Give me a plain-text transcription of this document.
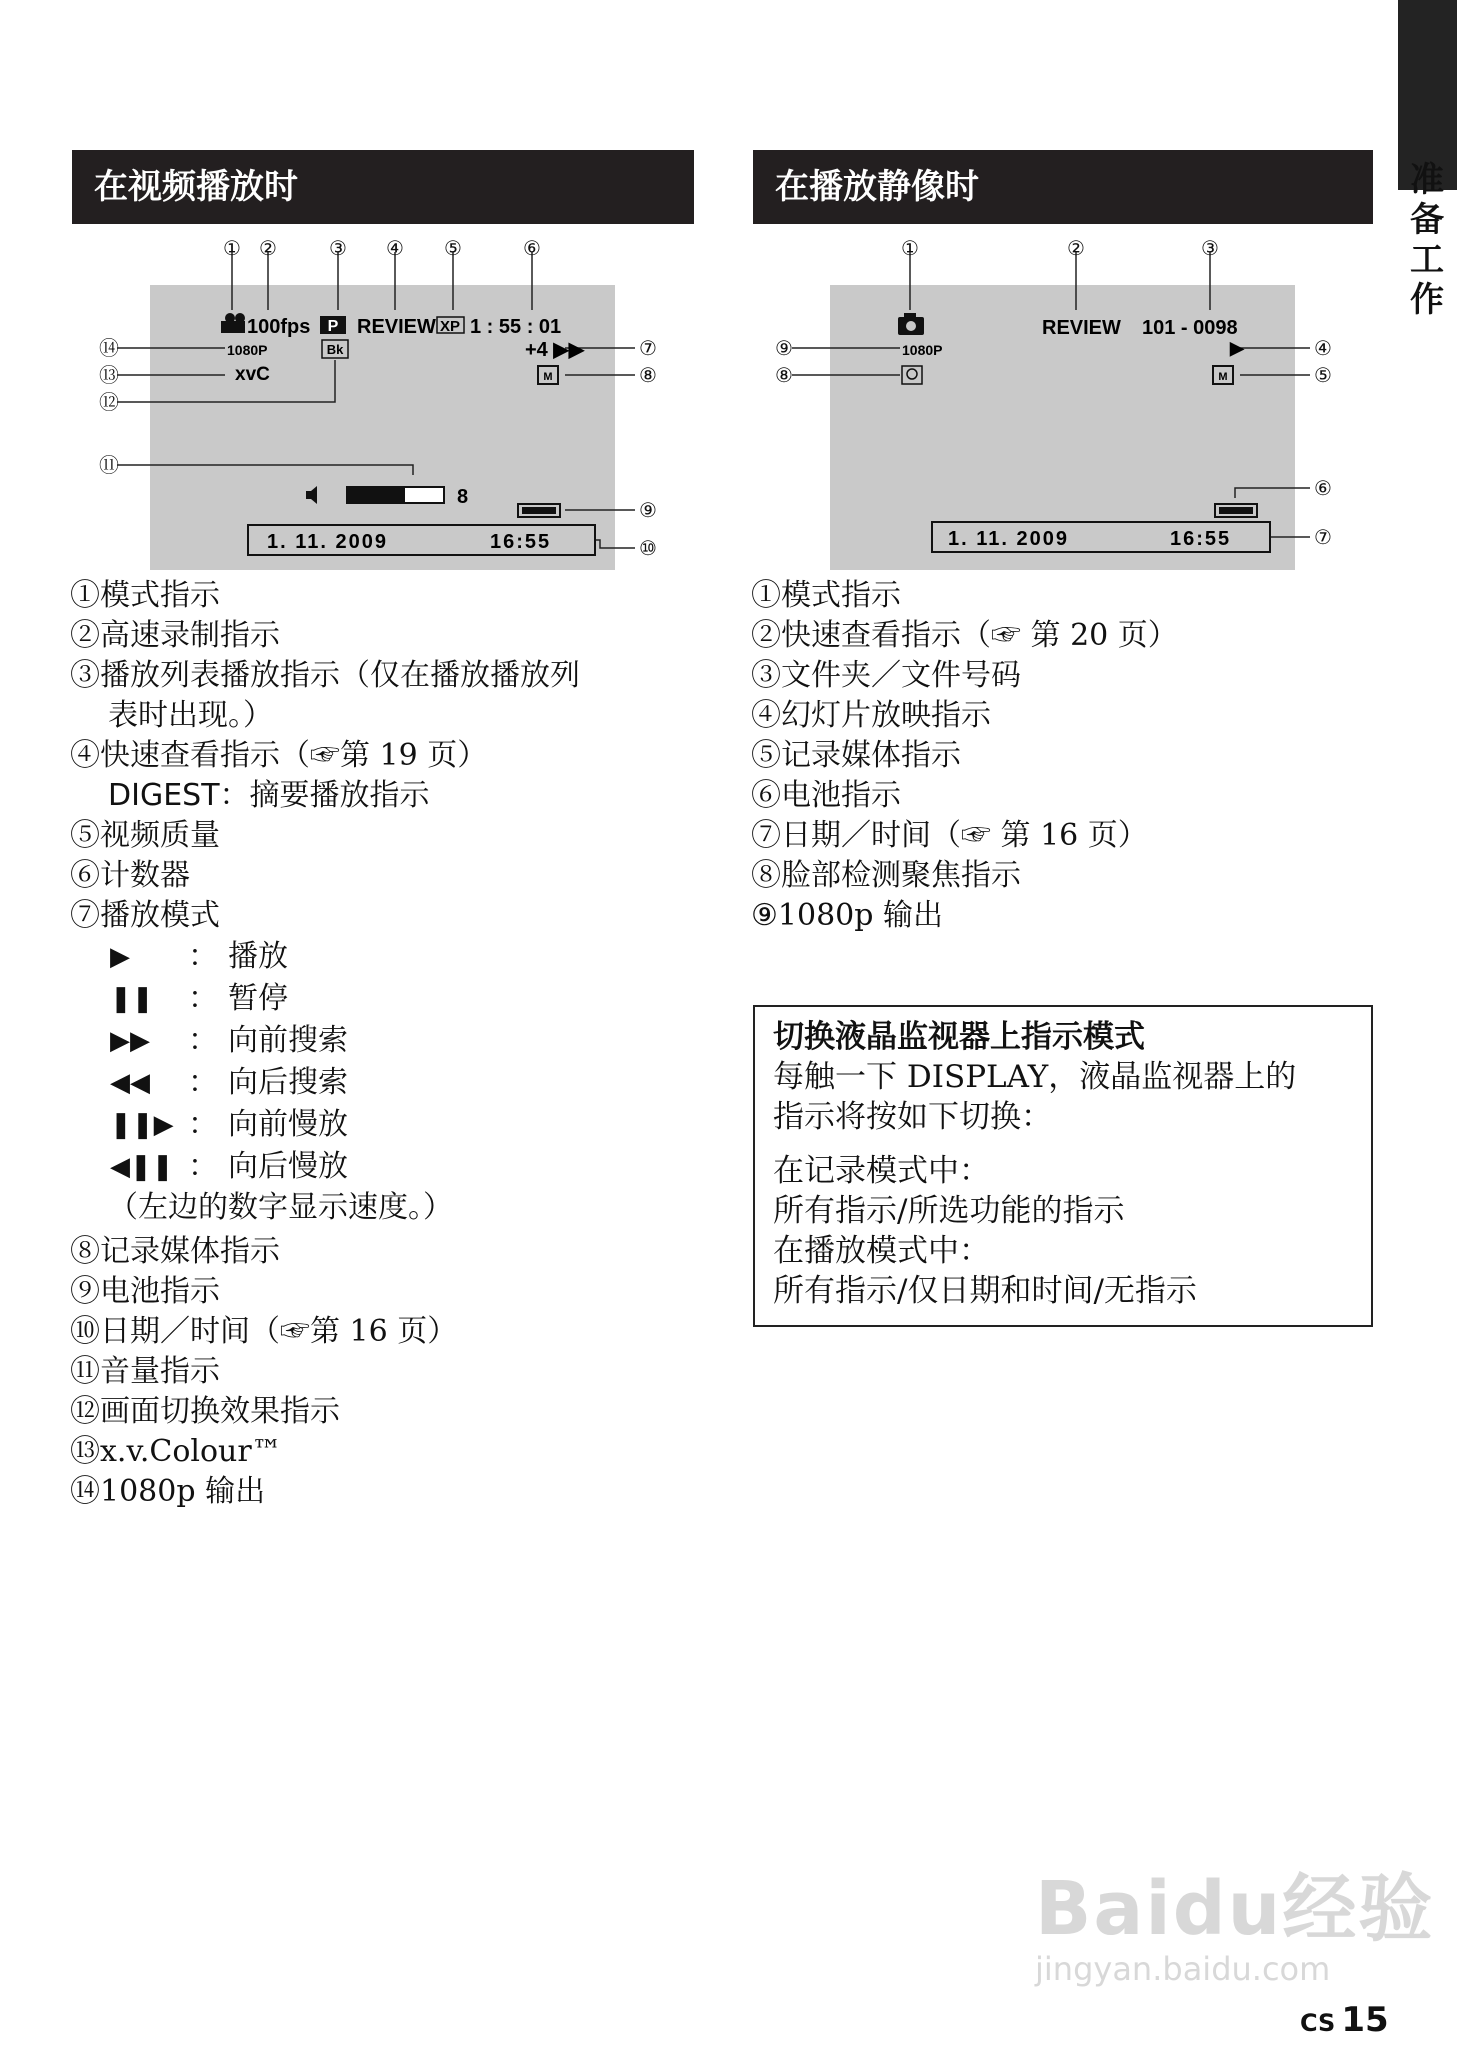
准
备
工
作
在视频播放时
① ②	③ ④ ⑤	⑥
⑦
⑧
⑨
⑩
⑪
⑫
⑬
⑭
100fps P REVIEW XP 1 : 55 : 01
1080P	Bk	+4 ▶▶
xvC	M
8
1. 11. 2009	16:55
①模式指示
②高速录制指示
③播放列表播放指示（仅在播放播放列
表时出现。）
④快速查看指示（☞第 19 页）
DIGEST：摘要播放指示
⑤视频质量
⑥计数器
⑦播放模式
▶	： 播放
❚❚	： 暂停
▶▶	： 向前搜索
◀◀	： 向后搜索
❚❚▶ ： 向前慢放
◀❚❚ ： 向后慢放
（左边的数字显示速度。）
⑧记录媒体指示
⑨电池指示
⑩日期／时间（☞第 16 页）
⑪音量指示
⑫画面切换效果指示
⑬x.v.Colour™
⑭1080p 输出
在播放静像时
①	②	③
④
⑤
⑥
⑦
⑧
⑨
REVIEW 101 - 0098
1080P	▶
M
1. 11. 2009	16:55
①模式指示
②快速查看指示（☞ 第 20 页）
③文件夹／文件号码
④幻灯片放映指示
⑤记录媒体指示
⑥电池指示
⑦日期／时间（☞ 第 16 页）
⑧脸部检测聚焦指示
⑨1080p 输出
切换液晶监视器上指示模式
每触一下 DISPLAY，液晶监视器上的
指示将按如下切换：
在记录模式中：
所有指示/所选功能的指示
在播放模式中：
所有指示/仅日期和时间/无指示
Baidu经验
jingyan.baidu.com
CS 15
